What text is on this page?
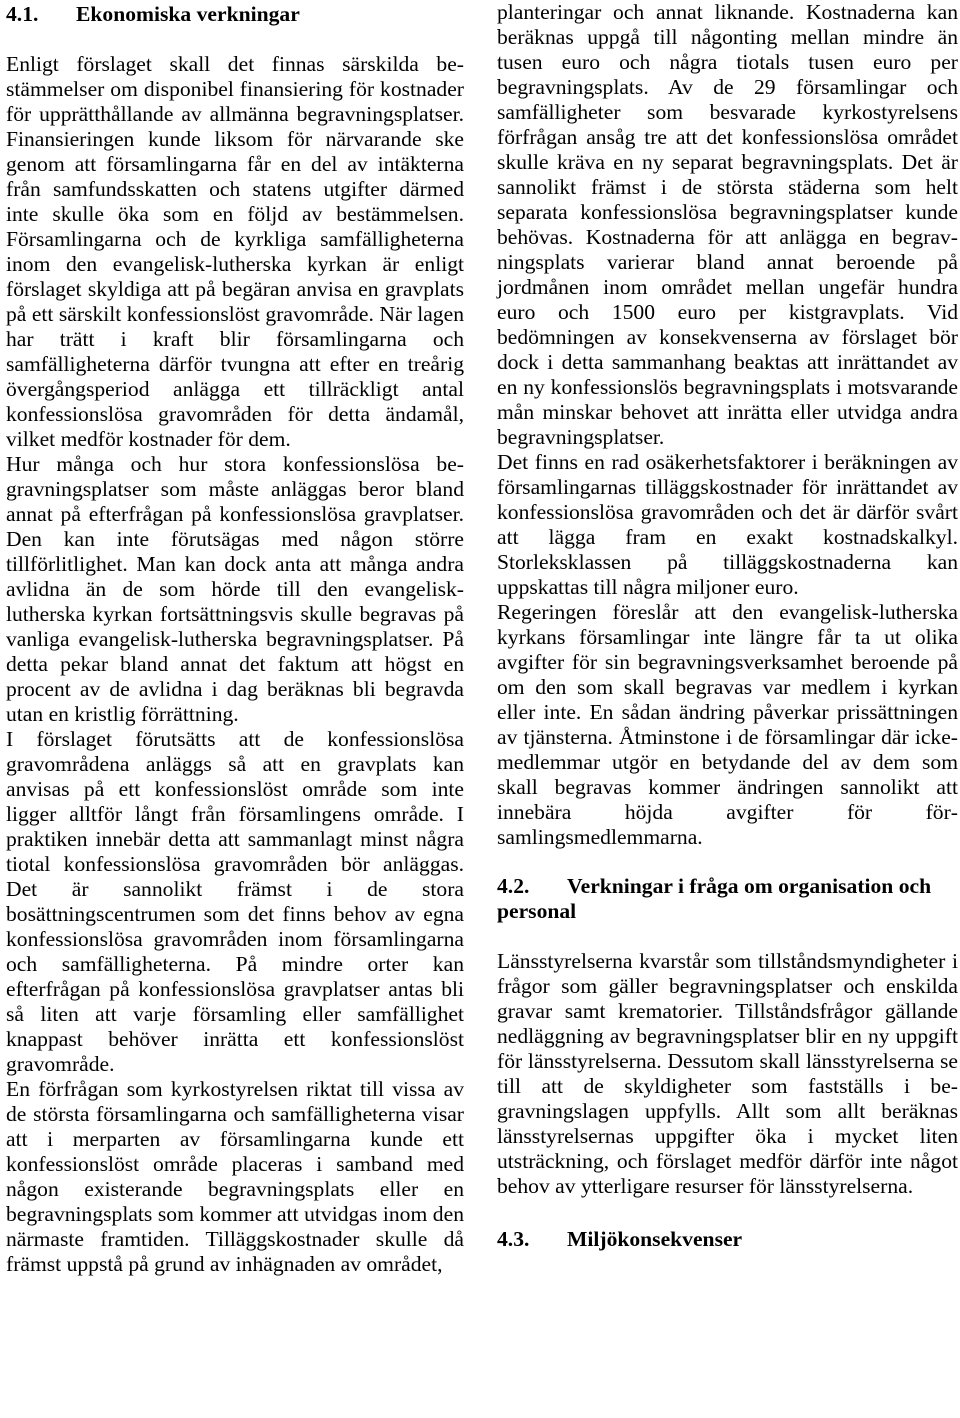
4.1. Ekonomiska verkningar

Enligt förslaget skall det finnas särskilda bestämmelser om disponibel finansiering för kostnader för upprätthållande av allmänna begravningsplatser. Finansieringen kunde liksom för närvarande ske genom att församlingarna får en del av intäkterna från samfundsskatten och statens utgifter därmed inte skulle öka som en följd av bestämmelsen. Församlingarna och de kyrkliga samfälligheterna inom den evangelisk-lutherska kyrkan är enligt förslaget skyldiga att på begäran anvisa en gravplats på ett särskilt konfessionslöst gravområde. När lagen har trätt i kraft blir församlingarna och samfälligheterna därför tvungna att efter en treårig övergångsperiod anlägga ett tillräckligt antal konfessionslösa gravområden för detta ändamål, vilket medför kostnader för dem.

Hur många och hur stora konfessionslösa begravningsplatser som måste anläggas beror bland annat på efterfrågan på konfessionslösa gravplatser. Den kan inte förutsägas med någon större tillförlitlighet. Man kan dock anta att många andra avlidna än de som hörde till den evangelisk-lutherska kyrkan fortsättningsvis skulle begravas på vanliga evangelisk-lutherska begravningsplatser. På detta pekar bland annat det faktum att högst en procent av de avlidna i dag beräknas bli begravda utan en kristlig förrättning.

I förslaget förutsätts att de konfessionslösa gravområdena anläggs så att en gravplats kan anvisas på ett konfessionslöst område som inte ligger alltför långt från församlingens område. I praktiken innebär detta att sammanlagt minst några tiotal konfessionslösa gravområden bör anläggas. Det är sannolikt främst i de stora bosättningscentrumen som det finns behov av egna konfessionslösa gravområden inom församlingarna och samfälligheterna. På mindre orter kan efterfrågan på konfessionslösa gravplatser antas bli så liten att varje församling eller samfällighet knappast behöver inrätta ett konfessionslöst gravområde.

En förfrågan som kyrkostyrelsen riktat till vissa av de största församlingarna och samfälligheterna visar att i merparten av församlingarna kunde ett konfessionslöst område placeras i samband med någon existerande begravningsplats eller en begravningsplats som kommer att utvidgas inom den närmaste framtiden. Tilläggskostnader skulle då främst uppstå på grund av inhägnaden av området,

planteringar och annat liknande. Kostnaderna kan beräknas uppgå till någonting mellan mindre än tusen euro och några tiotals tusen euro per begravningsplats. Av de 29 församlingar och samfälligheter som besvarade kyrkostyrelsens förfrågan ansåg tre att det konfessionslösa området skulle kräva en ny separat begravningsplats. Det är sannolikt främst i de största städerna som helt separata konfessionslösa begravningsplatser kunde behövas. Kostnaderna för att anlägga en begravningsplats varierar bland annat beroende på jordmånen inom området mellan ungefär hundra euro och 1500 euro per kistgravplats. Vid bedömningen av konsekvenserna av förslaget bör dock i detta sammanhang beaktas att inrättandet av en ny konfessionslös begravningsplats i motsvarande mån minskar behovet att inrätta eller utvidga andra begravningsplatser.

Det finns en rad osäkerhetsfaktorer i beräkningen av församlingarnas tilläggskostnader för inrättandet av konfessionslösa gravområden och det är därför svårt att lägga fram en exakt kostnadskalkyl. Storleksklassen på tilläggskostnaderna kan uppskattas till några miljoner euro.

Regeringen föreslår att den evangelisk-lutherska kyrkans församlingar inte längre får ta ut olika avgifter för sin begravningsverksamhet beroende på om den som skall begravas var medlem i kyrkan eller inte. En sådan ändring påverkar prissättningen av tjänsterna. Åtminstone i de församlingar där icke-medlemmar utgör en betydande del av dem som skall begravas kommer ändringen sannolikt att innebära höjda avgifter för församlingsmedlemmarna.

4.2. Verkningar i fråga om organisation och personal

Länsstyrelserna kvarstår som tillståndsmyndigheter i frågor som gäller begravningsplatser och enskilda gravar samt krematorier. Tillståndsfrågor gällande nedläggning av begravningsplatser blir en ny uppgift för länsstyrelserna. Dessutom skall länsstyrelserna se till att de skyldigheter som fastställs i begravningslagen uppfylls. Allt som allt beräknas länsstyrelsernas uppgifter öka i mycket liten utsträckning, och förslaget medför därför inte något behov av ytterligare resurser för länsstyrelserna.

4.3. Miljökonsekvenser
